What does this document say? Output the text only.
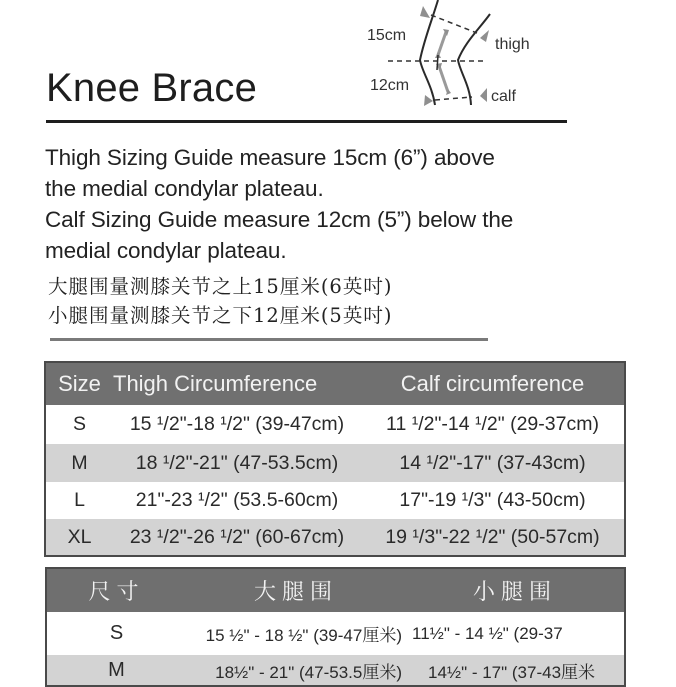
Knee Brace
15cm
12cm
thigh
calf
Thigh Sizing Guide measure 15cm (6”) above
the medial condylar plateau.
Calf Sizing Guide measure 12cm (5”) below the
medial condylar plateau.
大腿围量测膝关节之上15厘米(6英吋)
小腿围量测膝关节之下12厘米(5英吋)
Size	Thigh Circumference	Calf circumference
S	15 ¹/2"-18 ¹/2" (39-47cm)	11 ¹/2"-14 ¹/2" (29-37cm)
M	18 ¹/2"-21" (47-53.5cm)	14 ¹/2"-17" (37-43cm)
L	21"-23 ¹/2" (53.5-60cm)	17"-19 ¹/3" (43-50cm)
XL	23 ¹/2"-26 ¹/2" (60-67cm)	19 ¹/3"-22 ¹/2" (50-57cm)
尺寸	大腿围	小腿围
S	15 ½" - 18 ½" (39-47厘米)	11½" - 14 ½" (29-37
M	18½" - 21" (47-53.5厘米)	14½" - 17" (37-43厘米
